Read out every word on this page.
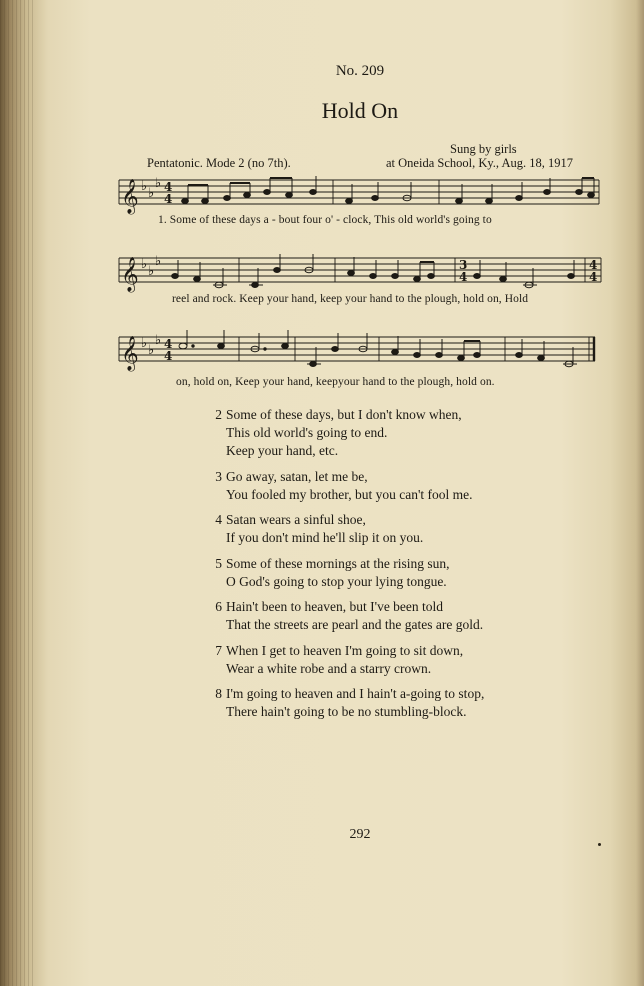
No. 209
Hold On
Sung by girls
Pentatonic. Mode 2 (no 7th).	at Oneida School, Ky., Aug. 18, 1917
𝄞 ♭ ♭
♭ 4
4
1. Some of these days a - bout four o' - clock, This old world's going to
𝄞 ♭ ♭
♭	3
4
4
4
reel and rock. Keep your hand, keep your hand to the plough, hold on, Hold
𝄞 ♭ ♭
♭ 4
4
on, hold on, Keep your hand, keepyour hand to the plough, hold on.
2 Some of these days, but I don't know when,
This old world's going to end.
Keep your hand, etc.
3 Go away, satan, let me be,
You fooled my brother, but you can't fool me.
4 Satan wears a sinful shoe,
If you don't mind he'll slip it on you.
5 Some of these mornings at the rising sun,
O God's going to stop your lying tongue.
6 Hain't been to heaven, but I've been told
That the streets are pearl and the gates are gold.
7 When I get to heaven I'm going to sit down,
Wear a white robe and a starry crown.
8 I'm going to heaven and I hain't a-going to stop,
There hain't going to be no stumbling-block.
292
